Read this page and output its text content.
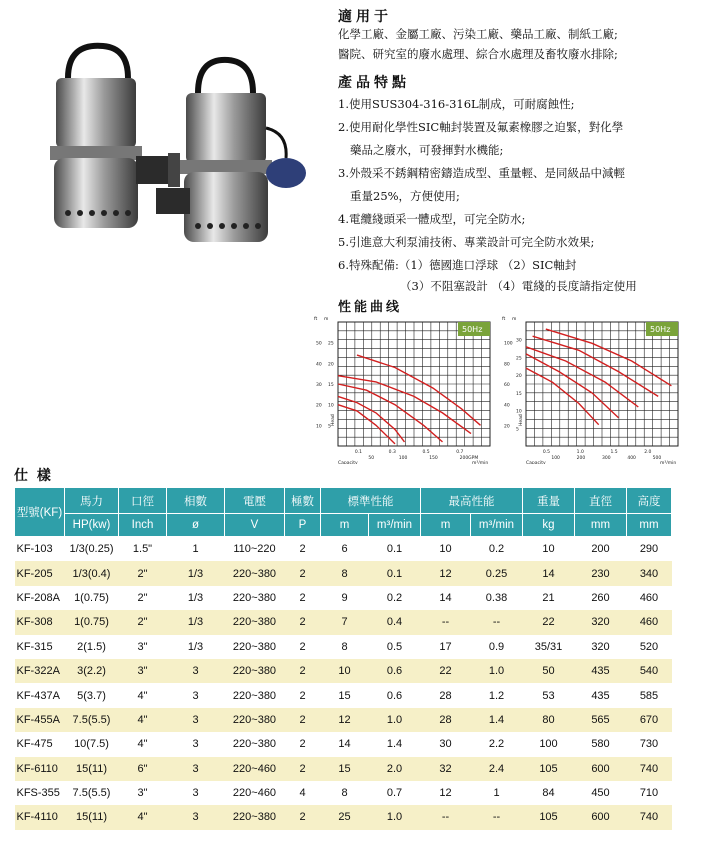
適用于
化學工廠、金屬工廠、污染工廠、藥品工廠、制紙工廠;
醫院、研究室的廢水處理、綜合水處理及畜牧廢水排除;
產品特點
1.使用SUS304-316-316L制成，可耐腐蝕性;
2.使用耐化學性SIC軸封裝置及氟素橡膠之迫緊，對化學
藥品之廢水，可發揮對水機能;
3.外殼采不銹鋼精密鑄造成型、重量輕、是同級品中減輕
重量25%，方便使用;
4.電纜綫頭采一體成型，可完全防水;
5.引進意大利泵浦技術、專業設計可完全防水效果;
6.特殊配備:（1）德國進口浮球 （2）SIC軸封
（3）不阻塞設計 （4）電綫的長度請指定使用
性能曲线
50Hz
ft m
5
10
15
20
25
10
20
30
40
50
Head
0.1	0.3	0.5	0.7
50	100	150	200GPM
Capacity	m³/min
50Hz
ft m
5
10
15
20
25
30
20
40
60
80
100
Head
0.5	1.0	1.5	2.0
100	200	300	400	500
Capacity	m³/min
仕 樣
型號(KF)	馬力	口徑	相數	電壓	極數	標準性能		最高性能		重量	直徑	高度
	HP(kw)	Inch	ø	V	P	m	m³/min	m	m³/min	kg	mm	mm
KF-103	1/3(0.25)	1.5"	1	110~220	2	6	0.1	10	0.2	10	200	290
KF-205	1/3(0.4)	2"	1/3	220~380	2	8	0.1	12	0.25	14	230	340
KF-208A	1(0.75)	2"	1/3	220~380	2	9	0.2	14	0.38	21	260	460
KF-308	1(0.75)	2"	1/3	220~380	2	7	0.4	--	--	22	320	460
KF-315	2(1.5)	3"	1/3	220~380	2	8	0.5	17	0.9	35/31	320	520
KF-322A	3(2.2)	3"	3	220~380	2	10	0.6	22	1.0	50	435	540
KF-437A	5(3.7)	4"	3	220~380	2	15	0.6	28	1.2	53	435	585
KF-455A	7.5(5.5)	4"	3	220~380	2	12	1.0	28	1.4	80	565	670
KF-475	10(7.5)	4"	3	220~380	2	14	1.4	30	2.2	100	580	730
KF-6110	15(11)	6"	3	220~460	2	15	2.0	32	2.4	105	600	740
KFS-355	7.5(5.5)	3"	3	220~460	4	8	0.7	12	1	84	450	710
KF-4110	15(11)	4"	3	220~380	2	25	1.0	--	--	105	600	740
